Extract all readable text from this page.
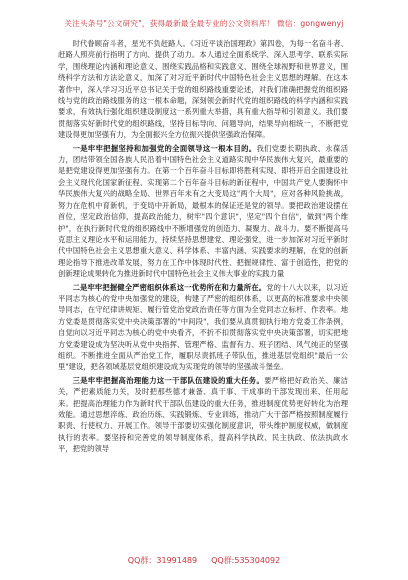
关注头条号"公文研究"，获得最新最全最专业的公文资料库！ 微信：gongwenyj

时代眷顾奋斗者，星光不负赶路人。《习近平谈治国理政》第四卷，为每一名奋斗者、赶路人照亮前行指明了方向、提供了动力。本人通过全面系统学、深入思考学、联系实际学，围绕理论内涵和理论意义、围绕实践品格和实践意义、围绕全球视野和世界意义，围绕科学方法和方法论意义，加深了对习近平新时代中国特色社会主义思想的理解。在这本著作中，深入学习习近平总书记关于党的组织路线重要论述，对我们准确把握党的组织路线与党的政治路线服务的这一根本命题，深刻领会新时代党的组织路线的科学内涵和实践要求，有效执行强化组织建设制度这一系列重大举措，具有重大指导和引领意义。我们要贯彻落实好新时代党的组织路线，坚持目标导向、问题导向，结果导向相统一，不断把党建设得更加坚强有力，为全面振兴全方位振兴提供坚强政治保障。

一是牢牢把握坚持和加强党的全面领导这一根本目的。我们党要长期执政、永葆活力，团结带领全国各族人民沿着中国特色社会主义道路实现中华民族伟大复兴，最重要的是把党建设得更加坚强有力。在第一个百年奋斗目标即将胜利实现、即将开启全面建设社会主义现代化国家新征程、实现第二个百年奋斗目标的新征程中，中国共产党人要胸怀中华民族伟大复兴的战略全局、世界百年未有之大变局这"两个大局"，应对各种风险挑战，努力在危机中育新机，于变局中开新局，最根本的保证还是党的领导。要把政治建设摆在首位，坚定政治信仰，提高政治能力，树牢"四个意识"，坚定"四个自信"，做到"两个维护"，在执行新时代党的组织路线中不断增强党的创造力、凝聚力、战斗力。要不断提高马克思主义理论水平和运用能力，持续坚持思想建党、理论强党，进一步加深对习近平新时代中国特色社会主义思想重大意义、科学体系、丰富内涵、实践要求的理解，在党的创新理论指导下推进改革发展，努力在工作中体现时代性、把握规律性、富于创造性，把党的创新理论成果转化为推进新时代中国特色社会主义伟大事业的实践力量

二是牢牢把握健全严密组织体系这一优势所在和力量所在。党的十八大以来，以习近平同志为核心的党中央加强党的建设，构建了严密的组织体系，以更高的标准要求中央领导同志，在守纪律讲规矩、履行管党治党政治责任等方面为全党同志立标杆、作表率。地方党委是贯彻落实党中央决策部署的"中间段"，我们要从真贯彻执行地方党委工作条例，自觉向以习近平同志为核心的党中央看齐，不折不扣贯彻落实党中央决策部署，切实把地方党委建设成为坚决听从党中央指挥、管理严格、监督有力、班子团结、风气纯正的坚强组织。不断推进全面从严治党工作，履职尽责抓班子带队伍，推进基层党组织"最后一公里"建设，把各领域基层党组织建设成为实现党的领导的坚强战斗堡垒。

三是牢牢把握高治理能力这一干部队伍建设的重大任务。要严格把好政治关、廉洁关，严把素质能力关，及时把那些德才兼备、真干事、干成事的干部发现出来、任用起来。把提高治理能力作为新时代干部队伍建设的重大任务，推进制度优势更好转化为治理效能。通过思想淬炼、政治历练、实践锻炼、专业训练，推动广大干部严格按照制度履行职责、行使权力、开展工作。领导干部要切实强化制度意识，带头维护制度权威，做制度执行的表率。要坚持和完善党的领导制度体系，提高科学执政、民主执政、依法执政水平，把党的领导

QQ群：31991489 QQ群:535304092
